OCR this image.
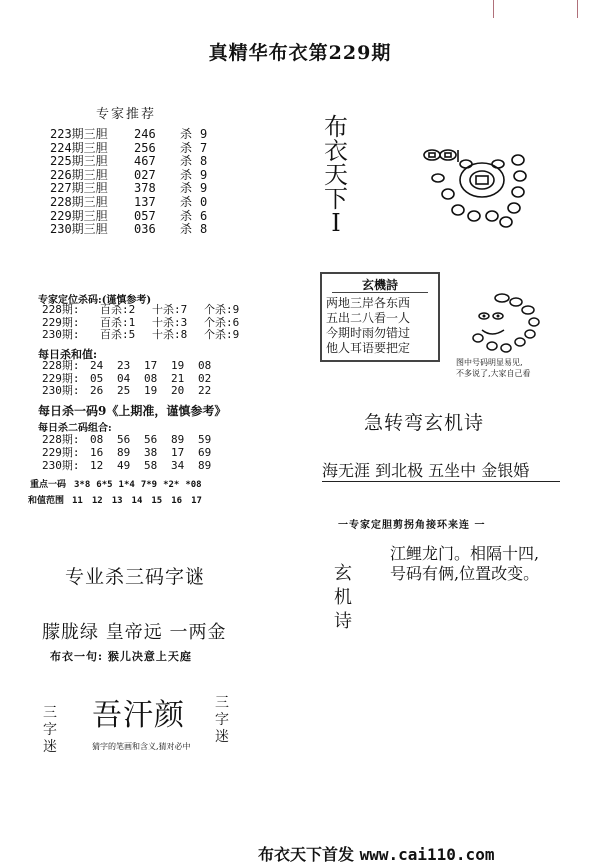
真精华布衣第229期
专家推荐
223期三胆 246 杀 9
224期三胆 256 杀 7
225期三胆 467 杀 8
226期三胆 027 杀 9
227期三胆 378 杀 9
228期三胆 137 杀 0
229期三胆 057 杀 6
230期三胆 036 杀 8
专家定位杀码:(谨慎参考)
228期: 百杀:2 十杀:7 个杀:9
229期: 百杀:1 十杀:3 个杀:6
230期: 百杀:5 十杀:8 个杀:9
每日杀和值:
228期: 24 23 17 19 08
229期: 05 04 08 21 02
230期: 26 25 19 20 22
每日杀一码9《上期准，谨慎参考》
每日杀二码组合:
228期: 08 56 56 89 59
229期: 16 89 38 17 69
230期: 12 49 58 34 89
重点一码 3*8 6*5 1*4 7*9 *2* *08
和值范围 11 12 13 14 15 16 17
专业杀三码字谜
朦胧绿 皇帝远 一两金
布衣一句: 猴儿决意上天庭
三
字
迷
吾汗颜 三
字
迷
猜字的笔画和含义,猜对必中
布
衣
天
下
I
玄機詩
两地三岸各东西
五出二八看一人
今期时雨勿错过
他人耳语要把定
图中号码明显易见,
不多说了,大家自己看
急转弯玄机诗
海无涯 到北极 五坐中 金银婚
一专家定胆剪拐角接环来连 一
玄
机
诗
江鲤龙门。相隔十四,
号码有俩,位置改变。
布衣天下首发 www.cai110.com
